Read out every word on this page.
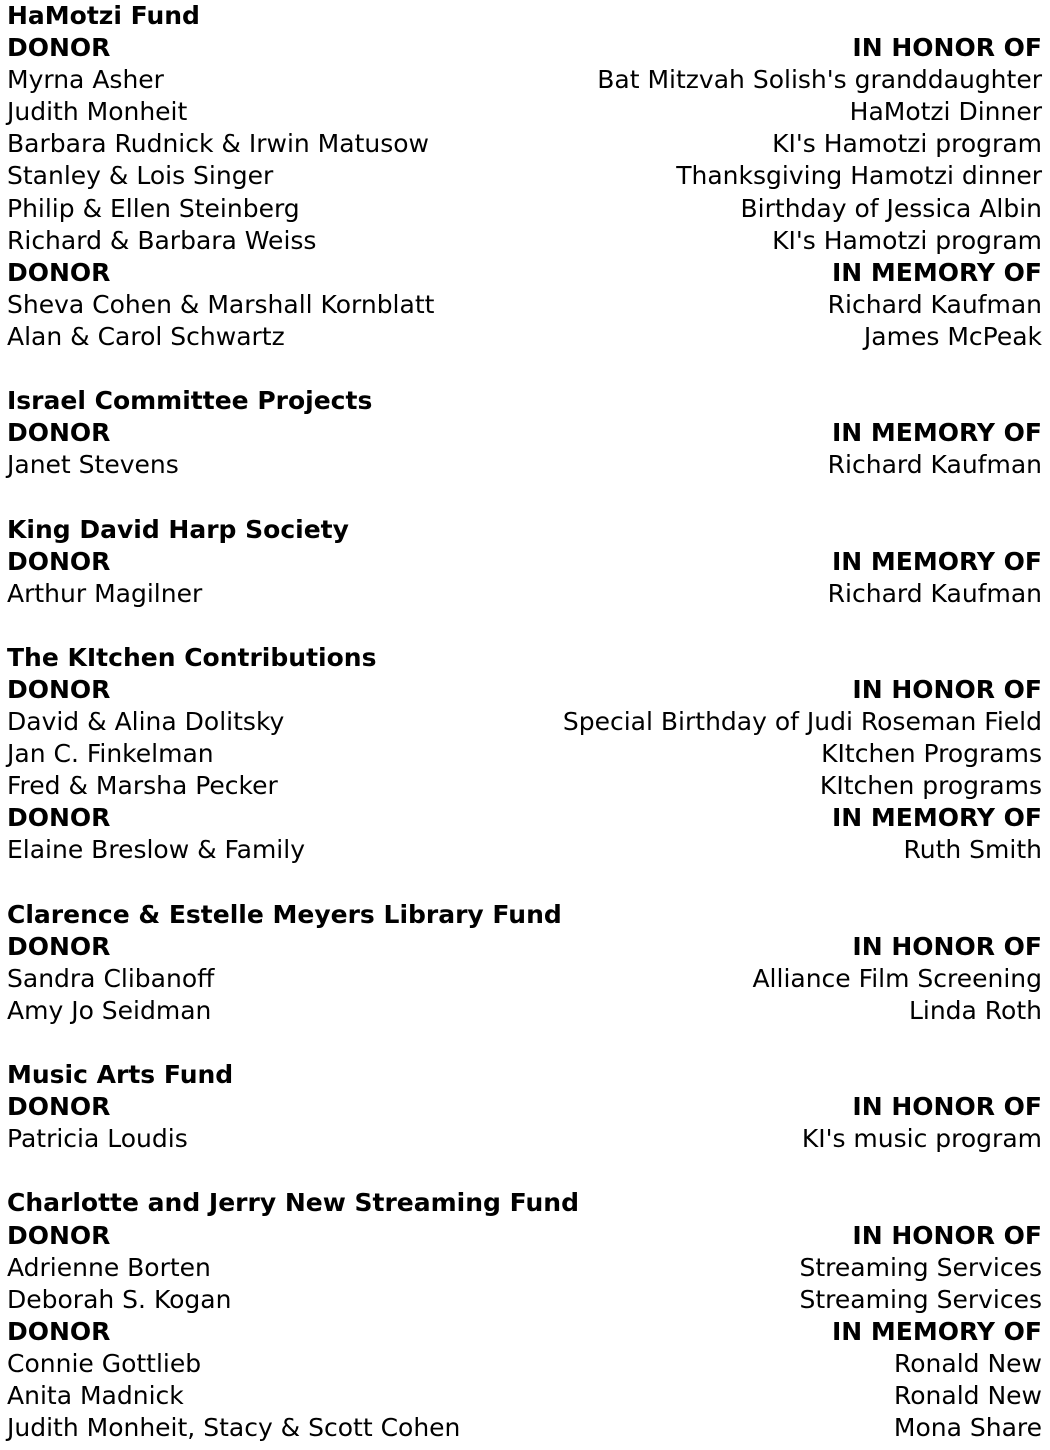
HaMotzi Fund
DONOR	IN HONOR OF
Myrna Asher	Bat Mitzvah Solish's granddaughter
Judith Monheit	HaMotzi Dinner
Barbara Rudnick & Irwin Matusow	KI's Hamotzi program
Stanley & Lois Singer	Thanksgiving Hamotzi dinner
Philip & Ellen Steinberg	Birthday of Jessica Albin
Richard & Barbara Weiss	KI's Hamotzi program
DONOR	IN MEMORY OF
Sheva Cohen & Marshall Kornblatt	Richard Kaufman
Alan & Carol Schwartz	James McPeak
Israel Committee Projects
DONOR	IN MEMORY OF
Janet Stevens	Richard Kaufman
King David Harp Society
DONOR	IN MEMORY OF
Arthur Magilner	Richard Kaufman
The KItchen Contributions
DONOR	IN HONOR OF
David & Alina Dolitsky	Special Birthday of Judi Roseman Field
Jan C. Finkelman	KItchen Programs
Fred & Marsha Pecker	KItchen programs
DONOR	IN MEMORY OF
Elaine Breslow & Family	Ruth Smith
Clarence & Estelle Meyers Library Fund
DONOR	IN HONOR OF
Sandra Clibanoff	Alliance Film Screening
Amy Jo Seidman	Linda Roth
Music Arts Fund
DONOR	IN HONOR OF
Patricia Loudis	KI's music program
Charlotte and Jerry New Streaming Fund
DONOR	IN HONOR OF
Adrienne Borten	Streaming Services
Deborah S. Kogan	Streaming Services
DONOR	IN MEMORY OF
Connie Gottlieb	Ronald New
Anita Madnick	Ronald New
Judith Monheit, Stacy & Scott Cohen	Mona Share
